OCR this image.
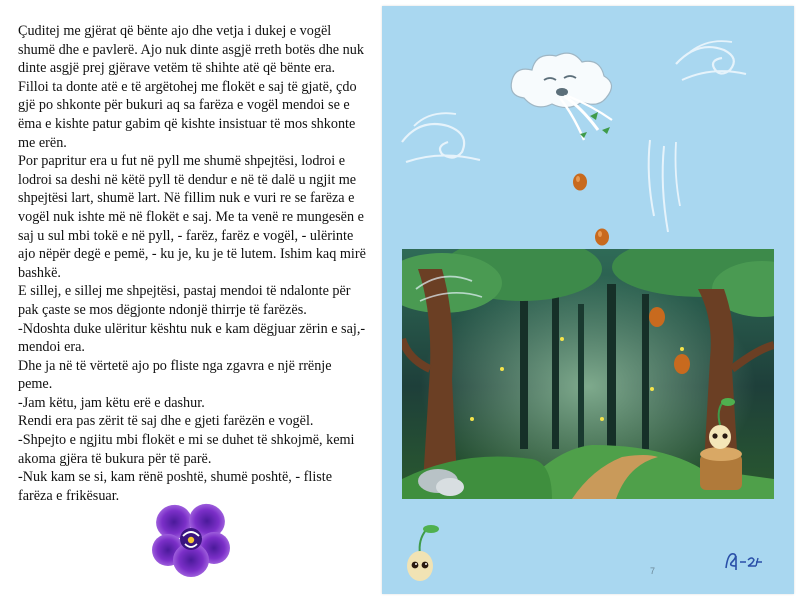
Çuditej me gjërat që bënte ajo dhe vetja i dukej e vogël shumë dhe e pavlerë. Ajo nuk dinte asgjë rreth botës dhe nuk dinte asgjë prej gjërave vetëm të shihte atë që bënte era. Filloi ta donte atë e të argëtohej me flokët e saj të gjatë, çdo gjë po shkonte për bukuri aq sa farëza e vogël mendoi se e ëma e kishte patur gabim që kishte insistuar të mos shkonte me erën.

Por papritur era u fut në pyll me shumë shpejtësi, lodroi e lodroi sa deshi në këtë pyll të dendur e në të dalë u ngjit me shpejtësi lart, shumë lart. Në fillim nuk e vuri re se farëza e vogël nuk ishte më në flokët e saj. Me ta venë re mungesën e saj u sul mbi tokë e në pyll, - farëz, farëz e vogël, - ulërinte ajo nëpër degë e pemë, - ku je, ku je të lutem. Ishim kaq mirë bashkë.

E sillej, e sillej me shpejtësi, pastaj mendoi të ndalonte për pak çaste se mos dëgjonte ndonjë thirrje të farëzës.

-Ndoshta duke ulëritur kështu nuk e kam dëgjuar zërin e saj,- mendoi era.

Dhe ja në të vërtetë ajo po fliste nga zgavra e një rrënje peme.

-Jam këtu, jam këtu erë e dashur.

Rendi era pas zërit të saj dhe e gjeti farëzën e vogël.

-Shpejto e ngjitu mbi flokët e mi se duhet të shkojmë, kemi akoma gjëra të bukura për të parë.

-Nuk kam se si, kam rënë poshtë, shumë poshtë, - fliste farëza e frikësuar.

7
